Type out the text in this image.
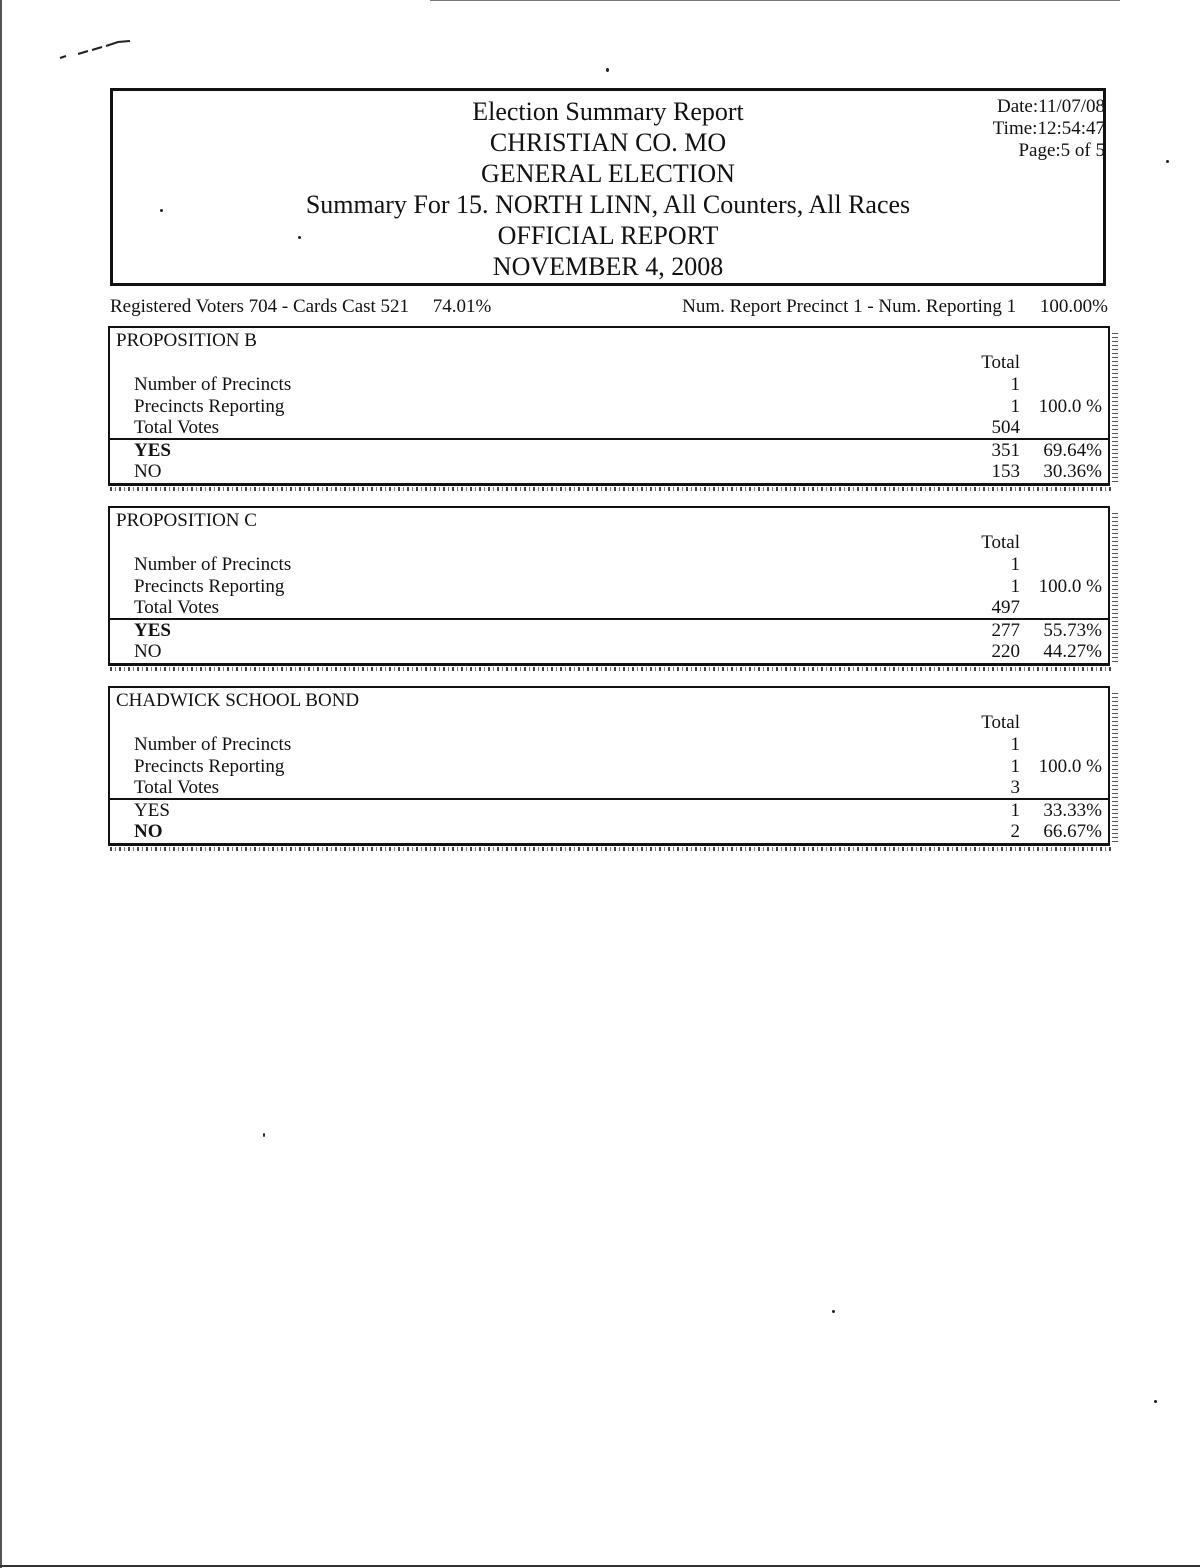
Election Summary Report
CHRISTIAN CO. MO
GENERAL ELECTION
Summary For 15. NORTH LINN, All Counters, All Races
OFFICIAL REPORT
NOVEMBER 4, 2008
Date:11/07/08
Time:12:54:47
Page:5 of 5
Registered Voters 704 - Cards Cast 521     74.01%	Num. Report Precinct 1 - Num. Reporting 1     100.00%
PROPOSITION B
Total
Number of Precincts	1
Precincts Reporting	1 100.0 %
Total Votes	504
YES	351 69.64%
NO	153 30.36%
PROPOSITION C
Total
Number of Precincts	1
Precincts Reporting	1 100.0 %
Total Votes	497
YES	277 55.73%
NO	220 44.27%
CHADWICK SCHOOL BOND
Total
Number of Precincts	1
Precincts Reporting	1 100.0 %
Total Votes	3
YES	1 33.33%
NO	2 66.67%
